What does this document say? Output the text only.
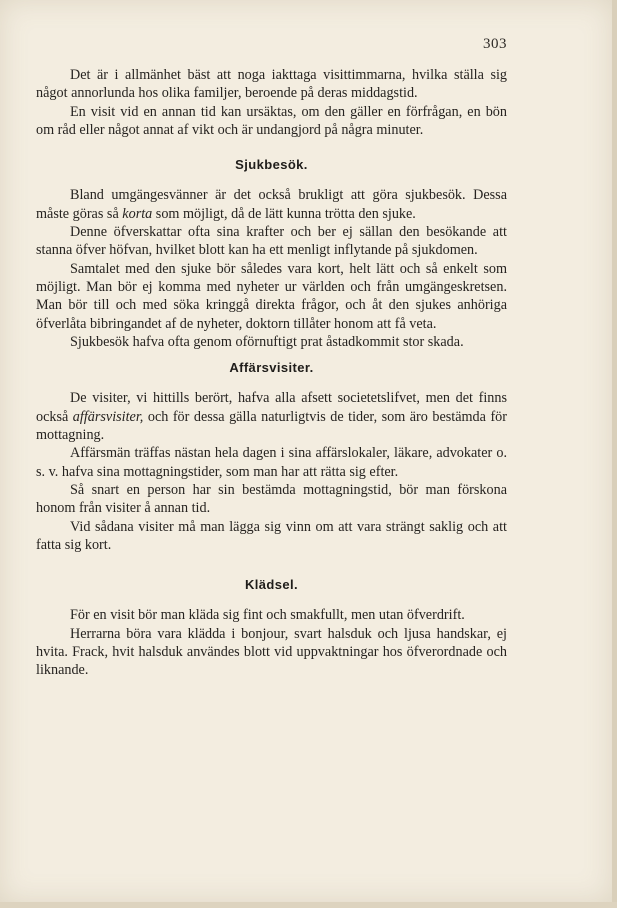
303

Det är i allmänhet bäst att noga iakttaga visittimmarna, hvilka ställa sig något annorlunda hos olika familjer, beroende på deras middagstid.

En visit vid en annan tid kan ursäktas, om den gäller en förfrågan, en bön om råd eller något annat af vikt och är undangjord på några minuter.

Sjukbesök.

Bland umgängesvänner är det också brukligt att göra sjukbesök. Dessa måste göras så korta som möjligt, då de lätt kunna trötta den sjuke.

Denne öfverskattar ofta sina krafter och ber ej sällan den besökande att stanna öfver höfvan, hvilket blott kan ha ett menligt inflytande på sjukdomen.

Samtalet med den sjuke bör således vara kort, helt lätt och så enkelt som möjligt. Man bör ej komma med nyheter ur världen och från umgängeskretsen. Man bör till och med söka kringgå direkta frågor, och åt den sjukes anhöriga öfverlåta bibringandet af de nyheter, doktorn tillåter honom att få veta.

Sjukbesök hafva ofta genom oförnuftigt prat åstadkommit stor skada.

Affärsvisiter.

De visiter, vi hittills berört, hafva alla afsett societetslifvet, men det finns också affärsvisiter, och för dessa gälla naturligtvis de tider, som äro bestämda för mottagning.

Affärsmän träffas nästan hela dagen i sina affärslokaler, läkare, advokater o. s. v. hafva sina mottagningstider, som man har att rätta sig efter.

Så snart en person har sin bestämda mottagningstid, bör man förskona honom från visiter å annan tid.

Vid sådana visiter må man lägga sig vinn om att vara strängt saklig och att fatta sig kort.

Klädsel.

För en visit bör man kläda sig fint och smakfullt, men utan öfverdrift.

Herrarna böra vara klädda i bonjour, svart halsduk och ljusa handskar, ej hvita. Frack, hvit halsduk användes blott vid uppvaktningar hos öfverordnade och liknande.
